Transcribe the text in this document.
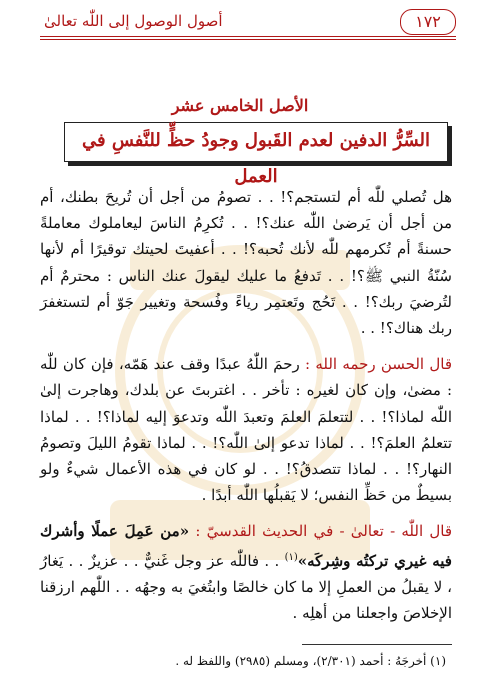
أصول الوصول إلى اللّٰه تعالىٰ	١٧٢
الأصل الخامس عشر
السِّرُّ الدفين لعدم القَبول وجودُ حظٍّ للنَّفسِ في العمل

هل تُصلي للّٰه أم لتستجم؟! . . تصومُ من أجل أن تُريحَ بطنك، أم من أجل أن يَرضىٰ اللّٰه عنك؟! . . تُكرِمُ الناسَ ليعاملوك معاملةً حسنةً أم تُكرمهم للّٰه لأنك تُحبه؟! . . أعفيتَ لحيتك توقيرًا أم لأنها سُنّةُ النبي ﷺ؟! . . تَدفعُ ما عليك ليقولَ عنك الناس : محترمٌ أم لتُرضيَ ربك؟! . . تَحُج وتَعتمِر رياءً وفُسحة وتغيير جَوّ أم لتستغفرَ ربك هناك؟! . .

قال الحسن رحمه الله : رحمَ اللّٰهُ عبدًا وقف عند هَمّه، فإن كان للّٰه : مضىٰ، وإن كان لغيره : تأخر . . اغتربتَ عن بلدك، وهاجرت إلىٰ اللّٰه لماذا؟! . . لتتعلمَ العلمَ وتعبدَ اللّٰه وتدعوَ إليه لماذا؟! . . لماذا تتعلمُ العلمَ؟! . . لماذا تدعو إلىٰ اللّٰه؟! . . لماذا تقومُ الليلَ وتصومُ النهار؟! . . لماذا تتصدقُ؟! . . لو كان في هذه الأعمال شيءٌ ولو بسيطٌ من حَظِّ النفس؛ لا يَقبلُها اللّٰه أبدًا .

قال اللّٰه - تعالىٰ - في الحديث القدسيّ : «من عَمِلَ عملًا وأشرك فيه غيري تركتُه وشِركَه»$^{(١)}$ . . فاللّٰه عز وجل غَنيٌّ . . عزيزٌ . . يَغارُ ، لا يقبلُ من العملِ إلا ما كان خالصًا وابتُغيَ به وجهُه . . اللّٰهم ارزقنا الإخلاصَ واجعلنا من أهلِه .

(١) أخرجَهُ : أحمد (٢/٣٠١)، ومسلم (٢٩٨٥) واللفظ له .
